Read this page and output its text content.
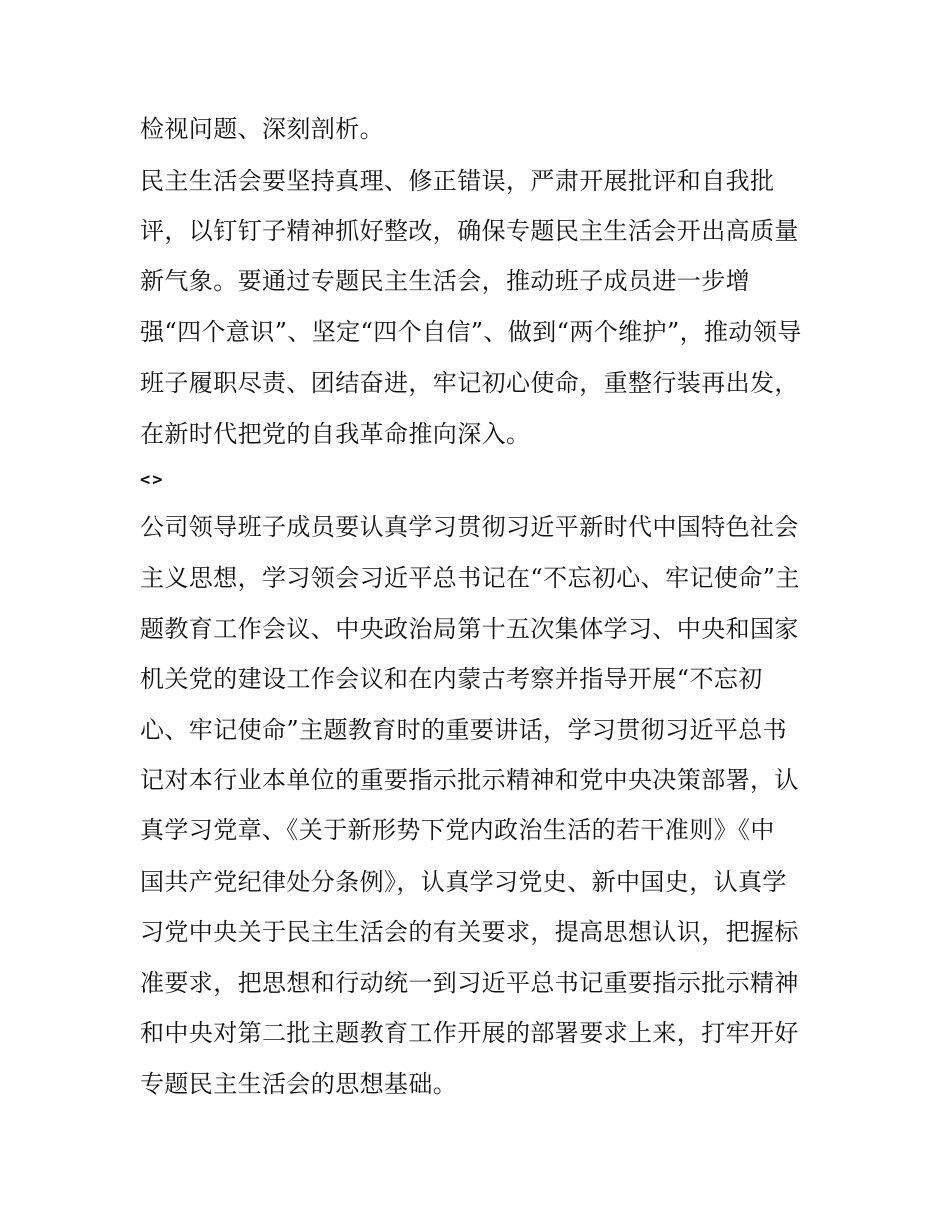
检视问题、深刻剖析。
民主生活会要坚持真理、修正错误，严肃开展批评和自我批
评，以钉钉子精神抓好整改，确保专题民主生活会开出高质量
新气象。要通过专题民主生活会，推动班子成员进一步增
强“四个意识”、坚定“四个自信”、做到“两个维护”，推动领导
班子履职尽责、团结奋进，牢记初心使命，重整行装再出发，
在新时代把党的自我革命推向深入。
<>
公司领导班子成员要认真学习贯彻习近平新时代中国特色社会
主义思想，学习领会习近平总书记在“不忘初心、牢记使命”主
题教育工作会议、中央政治局第十五次集体学习、中央和国家
机关党的建设工作会议和在内蒙古考察并指导开展“不忘初
心、牢记使命”主题教育时的重要讲话，学习贯彻习近平总书
记对本行业本单位的重要指示批示精神和党中央决策部署，认
真学习党章、《关于新形势下党内政治生活的若干准则》《中
国共产党纪律处分条例》，认真学习党史、新中国史，认真学
习党中央关于民主生活会的有关要求，提高思想认识，把握标
准要求，把思想和行动统一到习近平总书记重要指示批示精神
和中央对第二批主题教育工作开展的部署要求上来，打牢开好
专题民主生活会的思想基础。
